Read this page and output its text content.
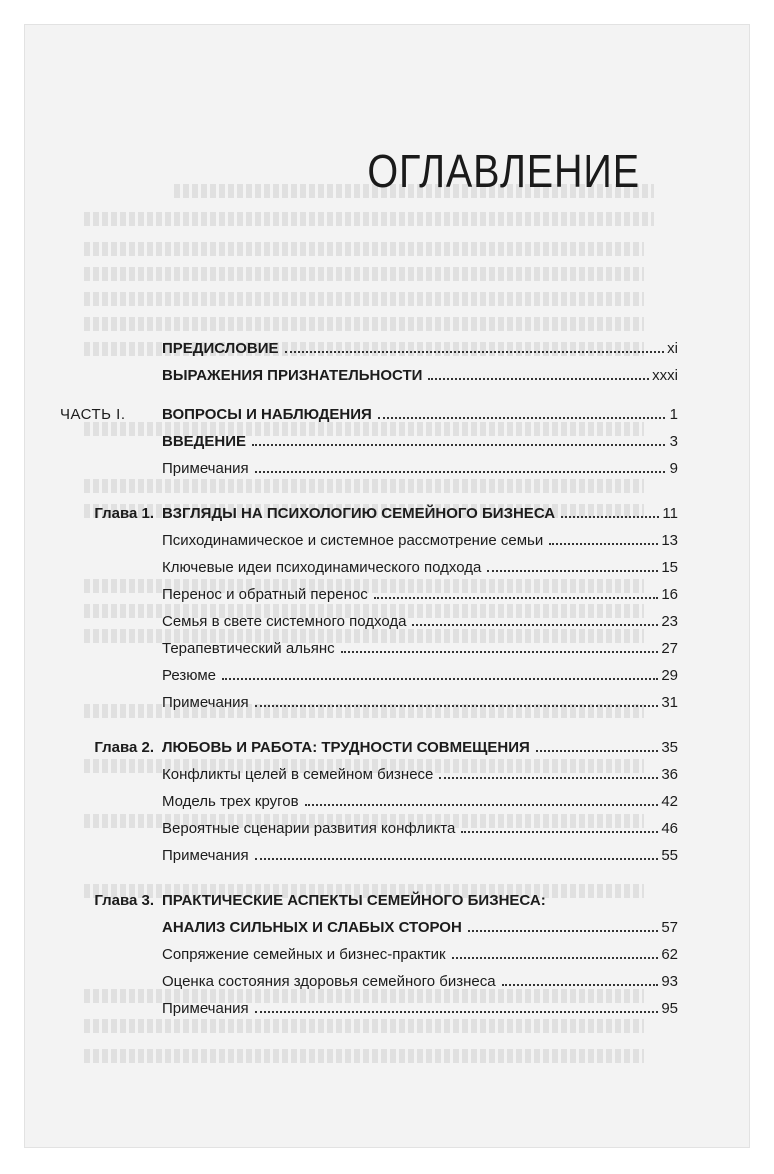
ОГЛАВЛЕНИЕ
ПРЕДИСЛОВИЕ	xi
ВЫРАЖЕНИЯ ПРИЗНАТЕЛЬНОСТИ	xxxi
ЧАСТЬ I.	ВОПРОСЫ И НАБЛЮДЕНИЯ	1
ВВЕДЕНИЕ	3
Примечания	9
Глава 1. ВЗГЛЯДЫ НА ПСИХОЛОГИЮ СЕМЕЙНОГО БИЗНЕСА	11
Психодинамическое и системное рассмотрение семьи	13
Ключевые идеи психодинамического подхода	15
Перенос и обратный перенос	16
Семья в свете системного подхода	23
Терапевтический альянс	27
Резюме	29
Примечания	31
Глава 2. ЛЮБОВЬ И РАБОТА: ТРУДНОСТИ СОВМЕЩЕНИЯ	35
Конфликты целей в семейном бизнесе	36
Модель трех кругов	42
Вероятные сценарии развития конфликта	46
Примечания	55
Глава 3. ПРАКТИЧЕСКИЕ АСПЕКТЫ СЕМЕЙНОГО БИЗНЕСА:
АНАЛИЗ СИЛЬНЫХ И СЛАБЫХ СТОРОН	57
Сопряжение семейных и бизнес-практик	62
Оценка состояния здоровья семейного бизнеса	93
Примечания	95
